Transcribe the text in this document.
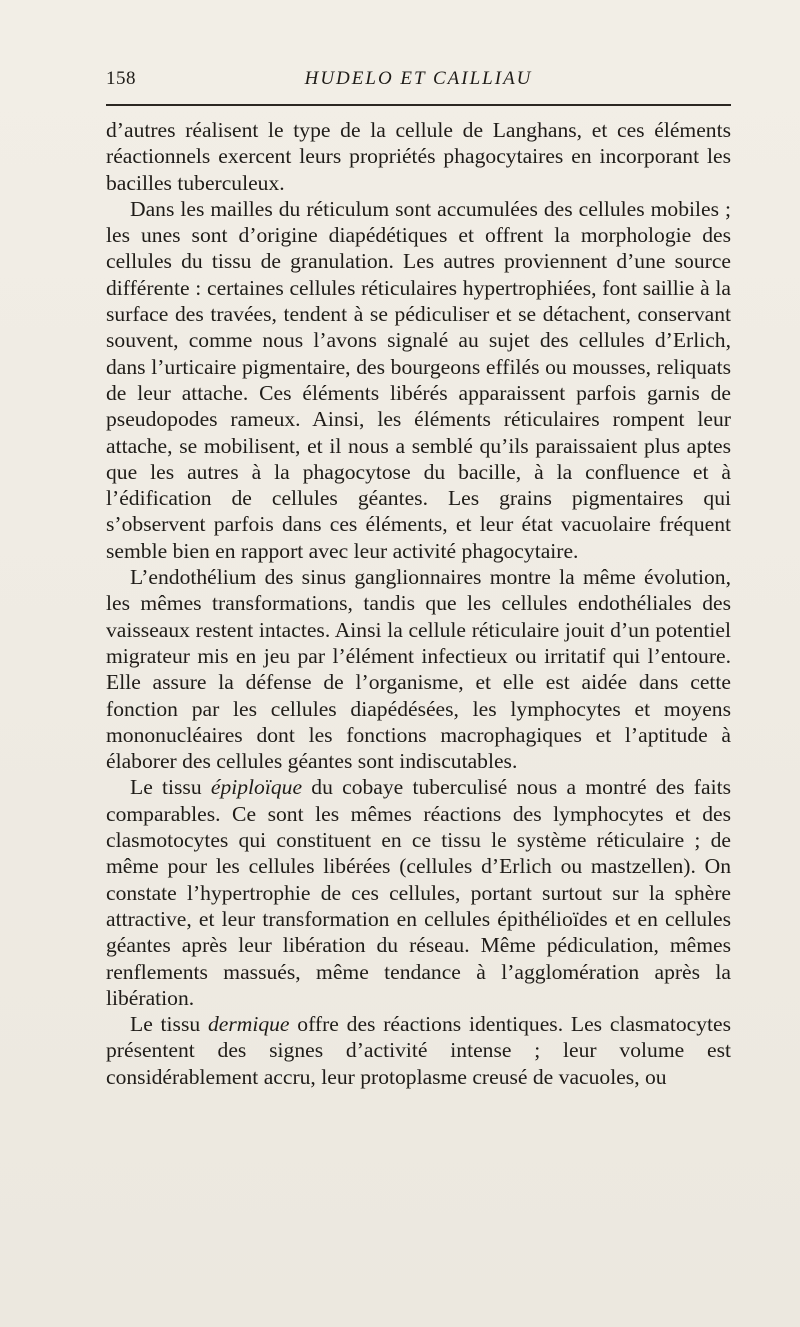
158	HUDELO ET CAILLIAU

d’autres réalisent le type de la cellule de Langhans, et ces éléments réactionnels exercent leurs propriétés phagocytaires en incorporant les bacilles tuberculeux.

Dans les mailles du réticulum sont accumulées des cellules mobiles ; les unes sont d’origine diapédétiques et offrent la morphologie des cellules du tissu de granulation. Les autres proviennent d’une source différente : certaines cellules réticulaires hypertrophiées, font saillie à la surface des travées, tendent à se pédiculiser et se détachent, conservant souvent, comme nous l’avons signalé au sujet des cellules d’Erlich, dans l’urticaire pigmentaire, des bourgeons effilés ou mousses, reliquats de leur attache. Ces éléments libérés apparaissent parfois garnis de pseudopodes rameux. Ainsi, les éléments réticulaires rompent leur attache, se mobilisent, et il nous a semblé qu’ils paraissaient plus aptes que les autres à la phagocytose du bacille, à la confluence et à l’édification de cellules géantes. Les grains pigmentaires qui s’observent parfois dans ces éléments, et leur état vacuolaire fréquent semble bien en rapport avec leur activité phagocytaire.

L’endothélium des sinus ganglionnaires montre la même évolution, les mêmes transformations, tandis que les cellules endothéliales des vaisseaux restent intactes. Ainsi la cellule réticulaire jouit d’un potentiel migrateur mis en jeu par l’élément infectieux ou irritatif qui l’entoure. Elle assure la défense de l’organisme, et elle est aidée dans cette fonction par les cellules diapédésées, les lymphocytes et moyens mononucléaires dont les fonctions macrophagiques et l’aptitude à élaborer des cellules géantes sont indiscutables.

Le tissu épiploïque du cobaye tuberculisé nous a montré des faits comparables. Ce sont les mêmes réactions des lymphocytes et des clasmotocytes qui constituent en ce tissu le système réticulaire ; de même pour les cellules libérées (cellules d’Erlich ou mastzellen). On constate l’hypertrophie de ces cellules, portant surtout sur la sphère attractive, et leur transformation en cellules épithélioïdes et en cellules géantes après leur libération du réseau. Même pédiculation, mêmes renflements massués, même tendance à l’agglomération après la libération.

Le tissu dermique offre des réactions identiques. Les clasmatocytes présentent des signes d’activité intense ; leur volume est considérablement accru, leur protoplasme creusé de vacuoles, ou
